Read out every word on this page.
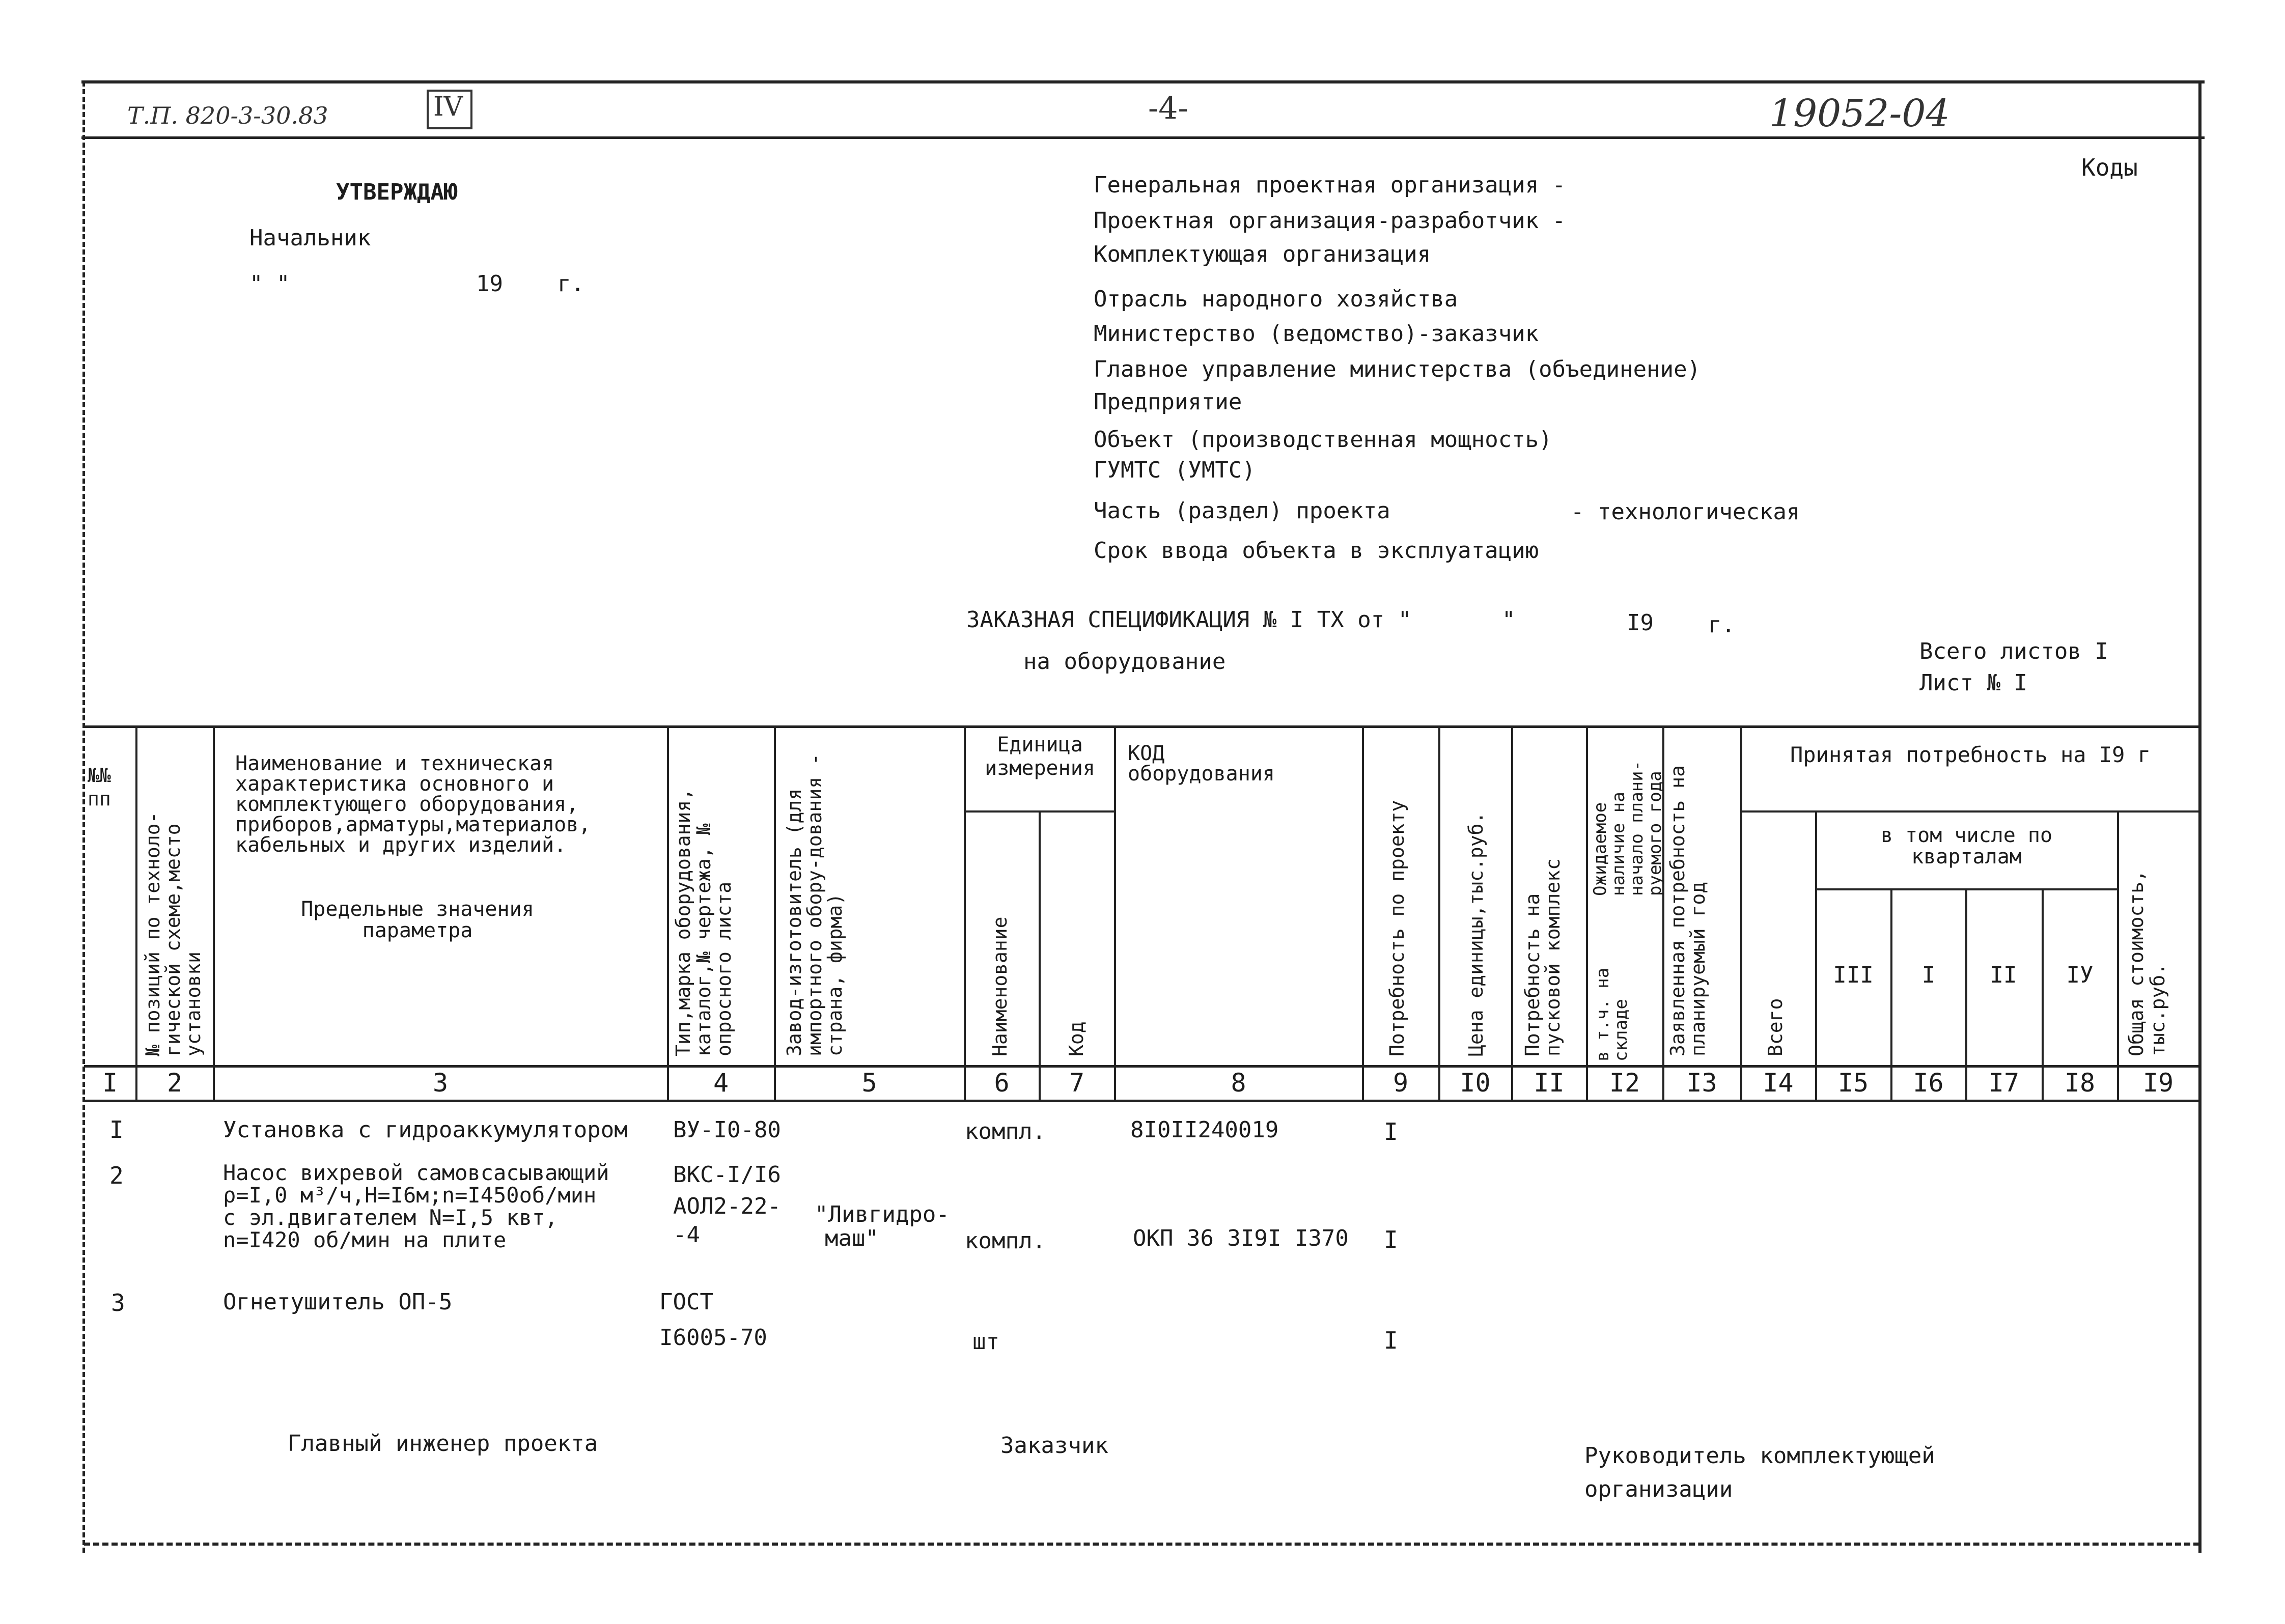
Т.П. 820-3-30.83	IV	-4-	19052-04
Коды
УТВЕРЖДАЮ
Начальник
" "	19 г.
Генеральная проектная организация -
Проектная организация-разработчик -
Комплектующая организация
Отрасль народного хозяйства
Министерство (ведомство)-заказчик
Главное управление министерства (объединение)
Предприятие
Объект (производственная мощность)
ГУМТС (УМТС)
Часть (раздел) проекта
Срок ввода объекта в эксплуатацию
- технологическая
ЗАКАЗНАЯ СПЕЦИФИКАЦИЯ № I ТХ от "	"	I9 г.
на оборудование	Всего листов I
Лист № I
№№ пп
№ позиций по техноло-гической схеме,место установки
Наименование и техническая характеристика основного и комплектующего оборудования, приборов,арматуры,материалов, кабельных и других изделий.
Предельные значения параметра	Тип,марка оборудования, каталог,№ чертежа, № опросного листа Завод-изготовитель (для импортного обору-дования - страна, фирма)
Единица измерения
Наименование	Код
КОД оборудования
Потребность по проекту	Цена единицы,тыс.руб. Потребность на пусковой комплекс
Ожидаемое наличие на начало плани-руемого года
в т.ч. на складе Заявленная потребность на планируемый год
Принятая потребность на I9 г
Всего
в том числе по кварталам
I	II
III	IУ	Общая стоимость, тыс.руб.
I	2	3	4	5	6	7	8	9	I0	II	I2	I3	I4	I5	I6	I7	I8	I9
I	Установка с гидроаккумулятором ВУ-I0-80	компл.	8I0II240019	I
2	Насос вихревой самовсасывающий
ρ=I,0 м³/ч,Н=I6м;n=I450об/мин
с эл.двигателем N=I,5 квт,
n=I420 об/мин на плите
ВКС-I/I6
АОЛ2-22-
-4
"Ливгидро-
маш"	компл.	ОКП 36 3I9I I370 I
3	Огнетушитель ОП-5	ГОСТ
I6005-70	шт	I
Главный инженер проекта	Заказчик	Руководитель комплектующей
организации
